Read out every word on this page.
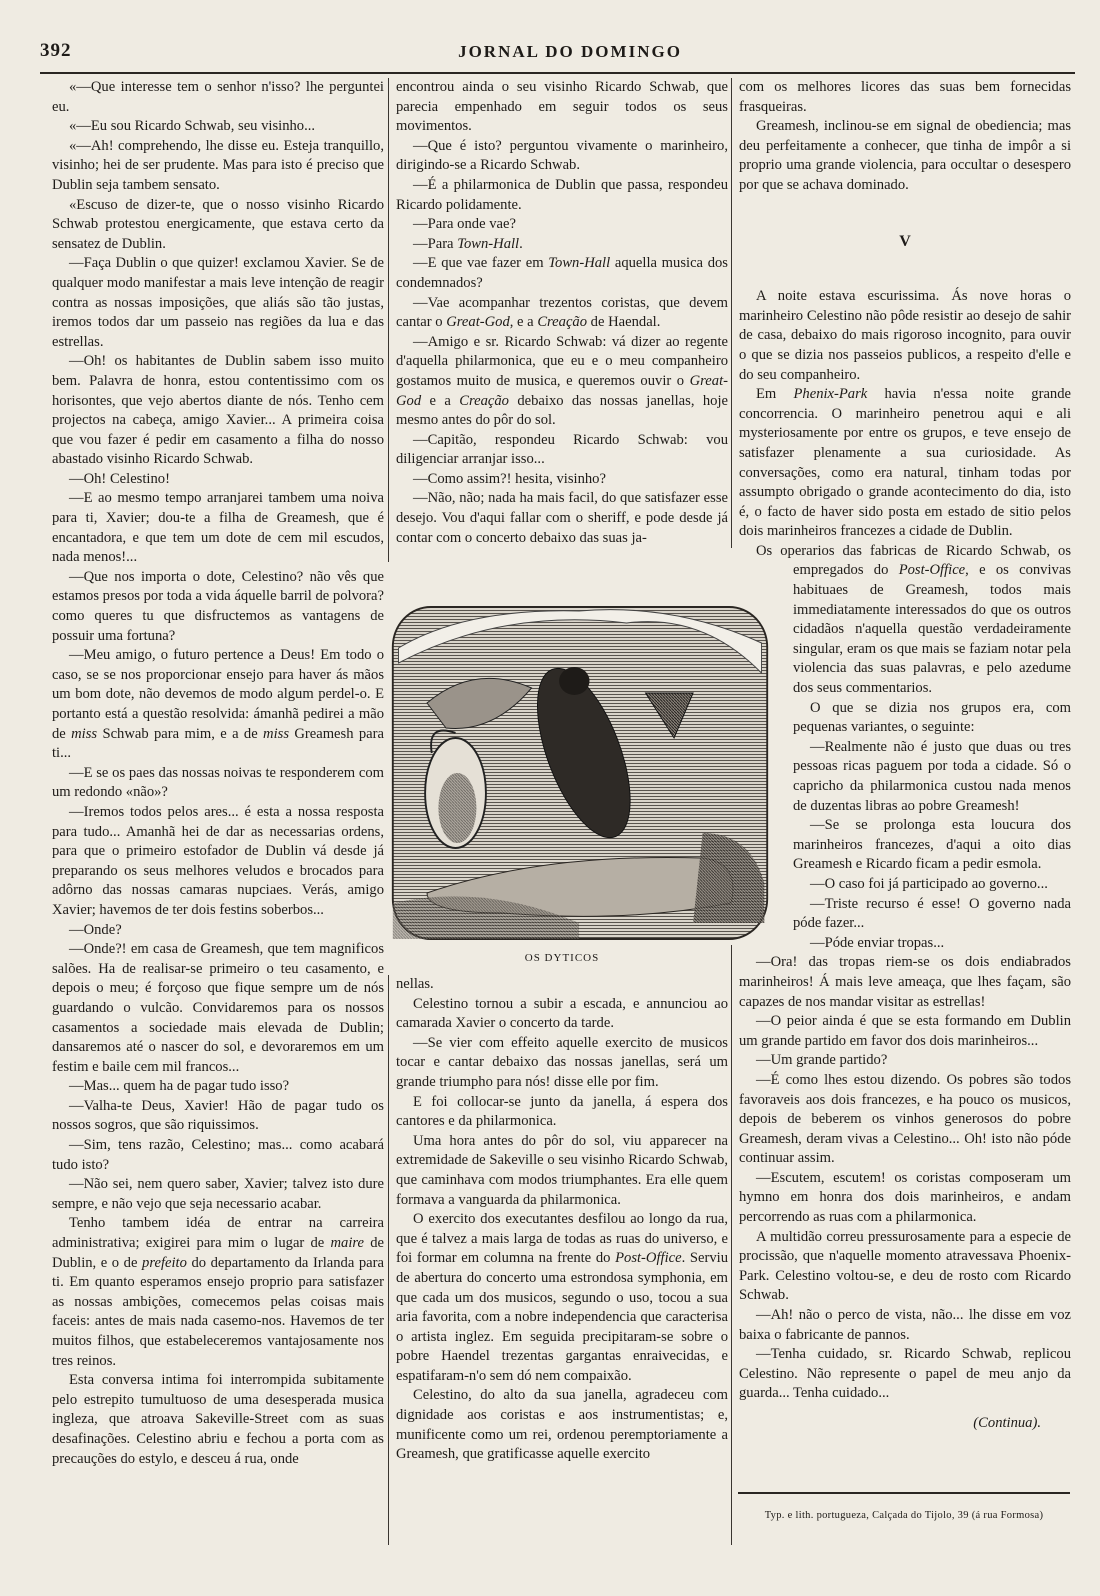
392	JORNAL DO DOMINGO

«—Que interesse tem o senhor n'isso? lhe perguntei eu.

«—Eu sou Ricardo Schwab, seu visinho...

«—Ah! comprehendo, lhe disse eu. Esteja tranquillo, visinho; hei de ser prudente. Mas para isto é preciso que Dublin seja tambem sensato.

«Escuso de dizer-te, que o nosso visinho Ricardo Schwab protestou energicamente, que estava certo da sensatez de Dublin.

—Faça Dublin o que quizer! exclamou Xavier. Se de qualquer modo manifestar a mais leve intenção de reagir contra as nossas imposições, que aliás são tão justas, iremos todos dar um passeio nas regiões da lua e das estrellas.

—Oh! os habitantes de Dublin sabem isso muito bem. Palavra de honra, estou contentissimo com os horisontes, que vejo abertos diante de nós. Tenho cem projectos na cabeça, amigo Xavier... A primeira coisa que vou fazer é pedir em casamento a filha do nosso abastado visinho Ricardo Schwab.

—Oh! Celestino!

—E ao mesmo tempo arranjarei tambem uma noiva para ti, Xavier; dou-te a filha de Greamesh, que é encantadora, e que tem um dote de cem mil escudos, nada menos!...

—Que nos importa o dote, Celestino? não vês que estamos presos por toda a vida áquelle barril de polvora? como queres tu que disfructemos as vantagens de possuir uma fortuna?

—Meu amigo, o futuro pertence a Deus! Em todo o caso, se se nos proporcionar ensejo para haver ás mãos um bom dote, não devemos de modo algum perdel-o. E portanto está a questão resolvida: ámanhã pedirei a mão de miss Schwab para mim, e a de miss Greamesh para ti...

—E se os paes das nossas noivas te responderem com um redondo «não»?

—Iremos todos pelos ares... é esta a nossa resposta para tudo... Amanhã hei de dar as necessarias ordens, para que o primeiro estofador de Dublin vá desde já preparando os seus melhores veludos e brocados para adôrno das nossas camaras nupciaes. Verás, amigo Xavier; havemos de ter dois festins soberbos...

—Onde?

—Onde?! em casa de Greamesh, que tem magnificos salões. Ha de realisar-se primeiro o teu casamento, e depois o meu; é forçoso que fique sempre um de nós guardando o vulcão. Convidaremos para os nossos casamentos a sociedade mais elevada de Dublin; dansaremos até o nascer do sol, e devoraremos em um festim e baile cem mil francos...

—Mas... quem ha de pagar tudo isso?

—Valha-te Deus, Xavier! Hão de pagar tudo os nossos sogros, que são riquissimos.

—Sim, tens razão, Celestino; mas... como acabará tudo isto?

—Não sei, nem quero saber, Xavier; talvez isto dure sempre, e não vejo que seja necessario acabar.

Tenho tambem idéa de entrar na carreira administrativa; exigirei para mim o lugar de maire de Dublin, e o de prefeito do departamento da Irlanda para ti. Em quanto esperamos ensejo proprio para satisfazer as nossas ambições, comecemos pelas coisas mais faceis: antes de mais nada casemo-nos. Havemos de ter muitos filhos, que estabeleceremos vantajosamente nos tres reinos.

Esta conversa intima foi interrompida subitamente pelo estrepito tumultuoso de uma desesperada musica ingleza, que atroava Sakeville-Street com as suas desafinações. Celestino abriu e fechou a porta com as precauções do estylo, e desceu á rua, onde

encontrou ainda o seu visinho Ricardo Schwab, que parecia empenhado em seguir todos os seus movimentos.

—Que é isto? perguntou vivamente o marinheiro, dirigindo-se a Ricardo Schwab.

—É a philarmonica de Dublin que passa, respondeu Ricardo polidamente.

—Para onde vae?

—Para Town-Hall.

—E que vae fazer em Town-Hall aquella musica dos condemnados?

—Vae acompanhar trezentos coristas, que devem cantar o Great-God, e a Creação de Haendal.

—Amigo e sr. Ricardo Schwab: vá dizer ao regente d'aquella philarmonica, que eu e o meu companheiro gostamos muito de musica, e queremos ouvir o Great-God e a Creação debaixo das nossas janellas, hoje mesmo antes do pôr do sol.

—Capitão, respondeu Ricardo Schwab: vou diligenciar arranjar isso...

—Como assim?! hesita, visinho?

—Não, não; nada ha mais facil, do que satisfazer esse desejo. Vou d'aqui fallar com o sheriff, e pode desde já contar com o concerto debaixo das suas ja-

nellas.

Celestino tornou a subir a escada, e annunciou ao camarada Xavier o concerto da tarde.

—Se vier com effeito aquelle exercito de musicos tocar e cantar debaixo das nossas janellas, será um grande triumpho para nós! disse elle por fim.

E foi collocar-se junto da janella, á espera dos cantores e da philarmonica.

Uma hora antes do pôr do sol, viu apparecer na extremidade de Sakeville o seu visinho Ricardo Schwab, que caminhava com modos triumphantes. Era elle quem formava a vanguarda da philarmonica.

O exercito dos executantes desfilou ao longo da rua, que é talvez a mais larga de todas as ruas do universo, e foi formar em columna na frente do Post-Office. Serviu de abertura do concerto uma estrondosa symphonia, em que cada um dos musicos, segundo o uso, tocou a sua aria favorita, com a nobre independencia que caracterisa o artista inglez. Em seguida precipitaram-se sobre o pobre Haendel trezentas gargantas enraivecidas, e espatifaram-n'o sem dó nem compaixão.

Celestino, do alto da sua janella, agradeceu com dignidade aos coristas e aos instrumentistas; e, munificente como um rei, ordenou peremptoriamente a Greamesh, que gratificasse aquelle exercito

com os melhores licores das suas bem fornecidas frasqueiras.

Greamesh, inclinou-se em signal de obediencia; mas deu perfeitamente a conhecer, que tinha de impôr a si proprio uma grande violencia, para occultar o desespero por que se achava dominado.

V

A noite estava escurissima. Ás nove horas o marinheiro Celestino não pôde resistir ao desejo de sahir de casa, debaixo do mais rigoroso incognito, para ouvir o que se dizia nos passeios publicos, a respeito d'elle e do seu companheiro.

Em Phenix-Park havia n'essa noite grande concorrencia. O marinheiro penetrou aqui e ali mysteriosamente por entre os grupos, e teve ensejo de satisfazer plenamente a sua curiosidade. As conversações, como era natural, tinham todas por assumpto obrigado o grande acontecimento do dia, isto é, o facto de haver sido posta em estado de sitio pelos dois marinheiros francezes a cidade de Dublin.

Os operarios das fabricas de Ricardo Schwab, os empregados do Post-Office, e os convivas habituaes de Greamesh, todos mais immediatamente interessados do que os outros cidadãos n'aquella questão verdadeiramente singular, eram os que mais se faziam notar pela violencia das suas palavras, e pelo azedume dos seus commentarios.

O que se dizia nos grupos era, com pequenas variantes, o seguinte:

—Realmente não é justo que duas ou tres pessoas ricas paguem por toda a cidade. Só o capricho da philarmonica custou nada menos de duzentas libras ao pobre Greamesh!

—Se se prolonga esta loucura dos marinheiros francezes, d'aqui a oito dias Greamesh e Ricardo ficam a pedir esmola.

—O caso foi já participado ao governo...

—Triste recurso é esse! O governo nada póde fazer...

—Póde enviar tropas...

—Ora! das tropas riem-se os dois endiabrados marinheiros! Á mais leve ameaça, que lhes façam, são capazes de nos mandar visitar as estrellas!

—O peior ainda é que se esta formando em Dublin um grande partido em favor dos dois marinheiros...

—Um grande partido?

—É como lhes estou dizendo. Os pobres são todos favoraveis aos dois francezes, e ha pouco os musicos, depois de beberem os vinhos generosos do pobre Greamesh, deram vivas a Celestino... Oh! isto não póde continuar assim.

—Escutem, escutem! os coristas composeram um hymno em honra dos dois marinheiros, e andam percorrendo as ruas com a philarmonica.

A multidão correu pressurosamente para a especie de procissão, que n'aquelle momento atravessava Phoenix-Park. Celestino voltou-se, e deu de rosto com Ricardo Schwab.

—Ah! não o perco de vista, não... lhe disse em voz baixa o fabricante de pannos.

—Tenha cuidado, sr. Ricardo Schwab, replicou Celestino. Não represente o papel de meu anjo da guarda... Tenha cuidado...

(Continua).

OS DYTICOS
Typ. e lith. portugueza, Calçada do Tijolo, 39 (á rua Formosa)
